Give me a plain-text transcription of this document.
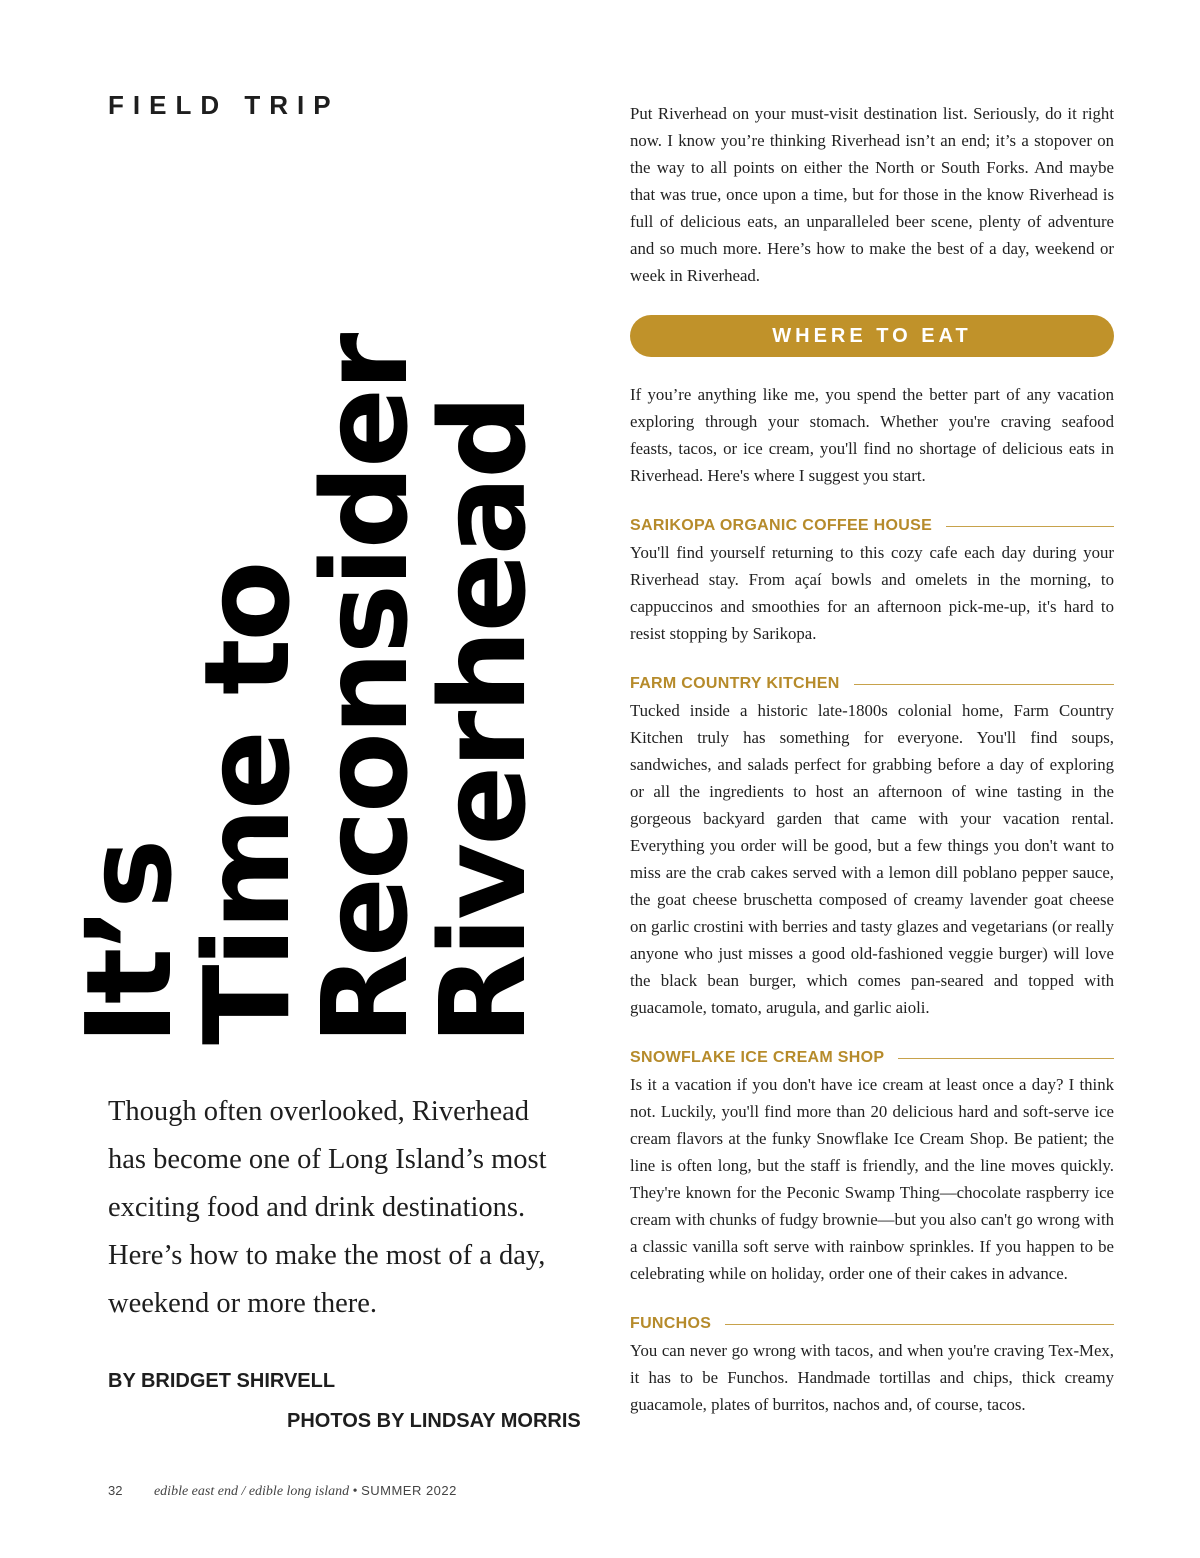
FIELD TRIP
It’s
Time to
Reconsider
Riverhead

Though often overlooked, Riverhead has become one of Long Island’s most exciting food and drink destinations. Here’s how to make the most of a day, weekend or more there.

BY BRIDGET SHIRVELL

PHOTOS BY LINDSAY MORRIS

32 edible east end / edible long island • SUMMER 2022

Put Riverhead on your must-visit destination list. Seriously, do it right now. I know you’re thinking Riverhead isn’t an end; it’s a stopover on the way to all points on either the North or South Forks. And maybe that was true, once upon a time, but for those in the know Riverhead is full of delicious eats, an unparalleled beer scene, plenty of adventure and so much more. Here’s how to make the best of a day, weekend or week in Riverhead.

WHERE TO EAT

If you’re anything like me, you spend the better part of any vacation exploring through your stomach. Whether you're craving seafood feasts, tacos, or ice cream, you'll find no shortage of delicious eats in Riverhead. Here's where I suggest you start.

SARIKOPA ORGANIC COFFEE HOUSE

You'll find yourself returning to this cozy cafe each day during your Riverhead stay. From açaí bowls and omelets in the morning, to cappuccinos and smoothies for an afternoon pick-me-up, it's hard to resist stopping by Sarikopa.

FARM COUNTRY KITCHEN

Tucked inside a historic late-1800s colonial home, Farm Country Kitchen truly has something for everyone. You'll find soups, sandwiches, and salads perfect for grabbing before a day of exploring or all the ingredients to host an afternoon of wine tasting in the gorgeous backyard garden that came with your vacation rental. Everything you order will be good, but a few things you don't want to miss are the crab cakes served with a lemon dill poblano pepper sauce, the goat cheese bruschetta composed of creamy lavender goat cheese on garlic crostini with berries and tasty glazes and vegetarians (or really anyone who just misses a good old-fashioned veggie burger) will love the black bean burger, which comes pan-seared and topped with guacamole, tomato, arugula, and garlic aioli.

SNOWFLAKE ICE CREAM SHOP

Is it a vacation if you don't have ice cream at least once a day? I think not. Luckily, you'll find more than 20 delicious hard and soft-serve ice cream flavors at the funky Snowflake Ice Cream Shop. Be patient; the line is often long, but the staff is friendly, and the line moves quickly. They're known for the Peconic Swamp Thing—chocolate raspberry ice cream with chunks of fudgy brownie—but you also can't go wrong with a classic vanilla soft serve with rainbow sprinkles. If you happen to be celebrating while on holiday, order one of their cakes in advance.

FUNCHOS

You can never go wrong with tacos, and when you're craving Tex-Mex, it has to be Funchos. Handmade tortillas and chips, thick creamy guacamole, plates of burritos, nachos and, of course, tacos.
